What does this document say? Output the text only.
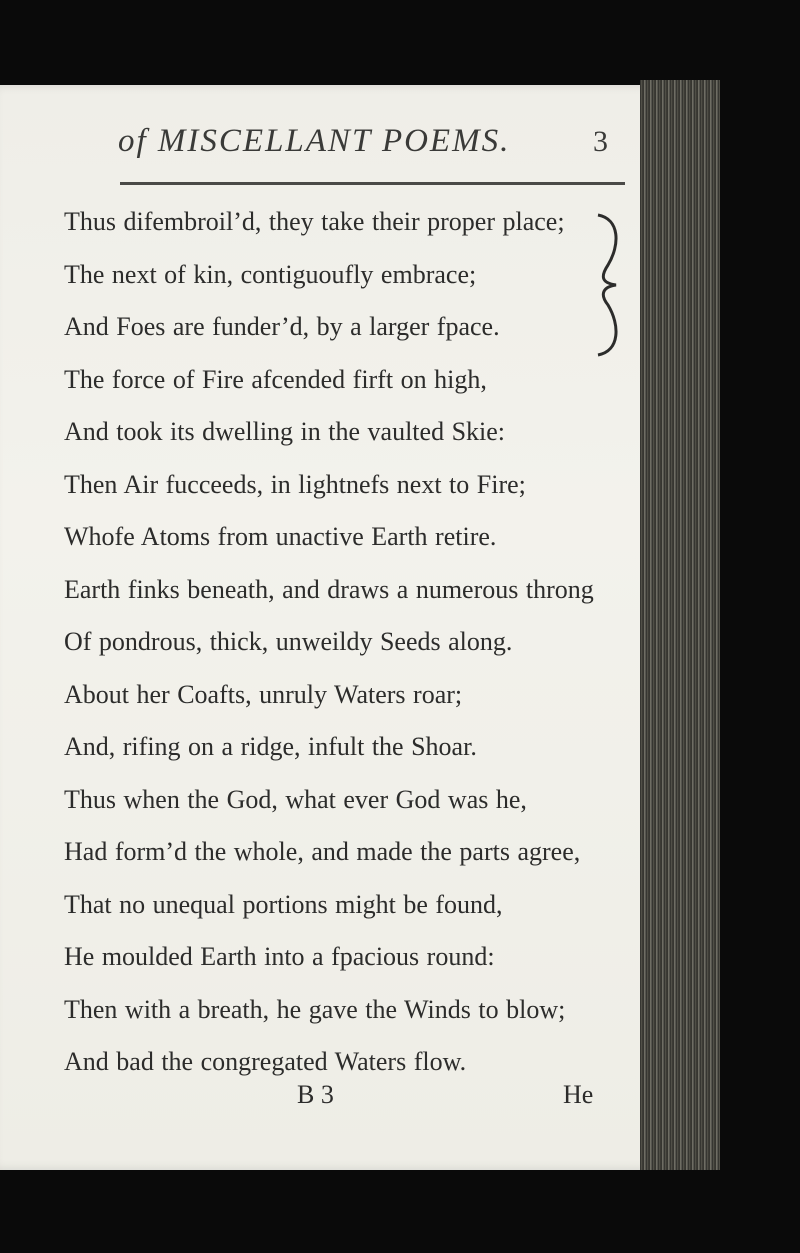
of MISCELLANT POEMS.	3
Thus difembroil’d, they take their proper place;
The next of kin, contiguoufly embrace;
And Foes are funder’d, by a larger fpace.
The force of Fire afcended firft on high,
And took its dwelling in the vaulted Skie:
Then Air fucceeds, in lightnefs next to Fire;
Whofe Atoms from unactive Earth retire.
Earth finks beneath, and draws a numerous throng
Of pondrous, thick, unweildy Seeds along.
About her Coafts, unruly Waters roar;
And, rifing on a ridge, infult the Shoar.
Thus when the God, what ever God was he,
Had form’d the whole, and made the parts agree,
That no unequal portions might be found,
He moulded Earth into a fpacious round:
Then with a breath, he gave the Winds to blow;
And bad the congregated Waters flow.
B 3	He
